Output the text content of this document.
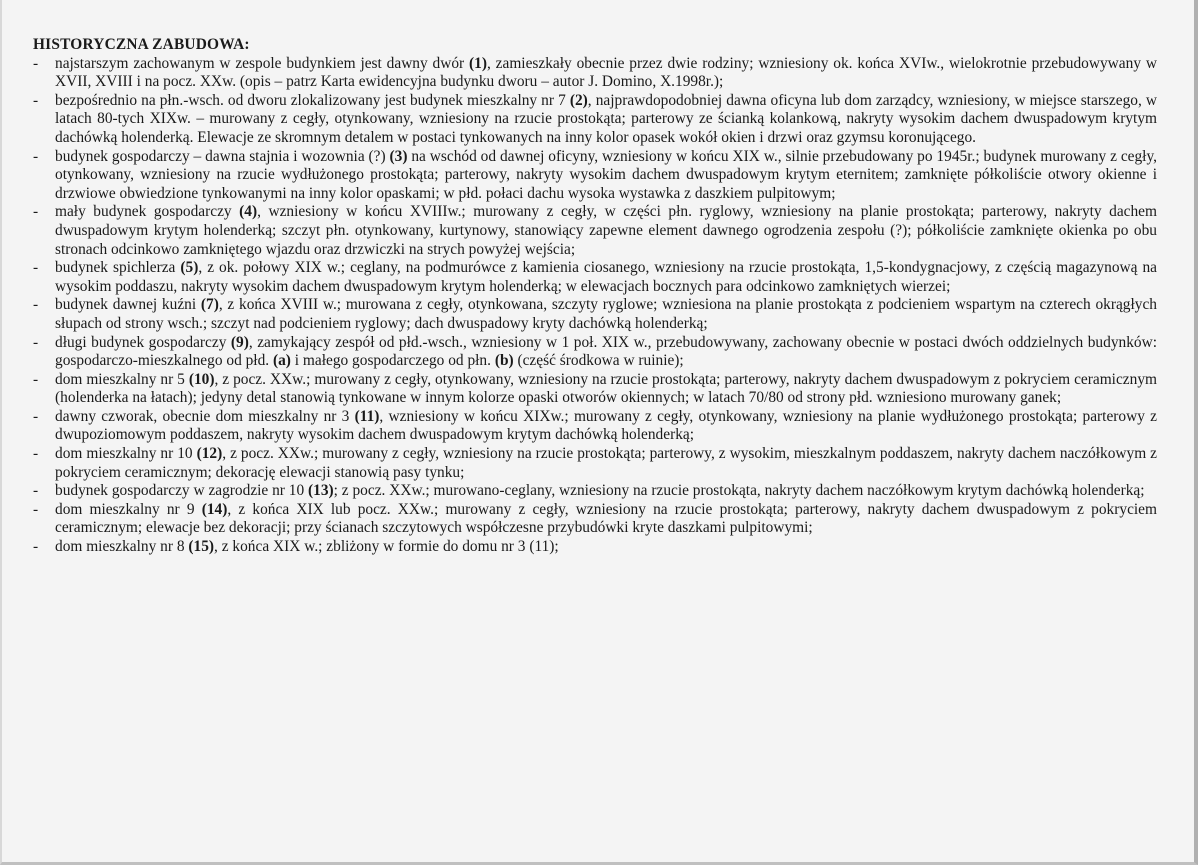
HISTORYCZNA ZABUDOWA:
-	najstarszym zachowanym w zespole budynkiem jest dawny dwór (1), zamieszkały obecnie przez dwie rodziny; wzniesiony ok. końca XVIw., wielokrotnie przebudowywany w XVII, XVIII i na pocz. XXw. (opis – patrz Karta ewidencyjna budynku dworu – autor J. Domino, X.1998r.);
-	bezpośrednio na płn.-wsch. od dworu zlokalizowany jest budynek mieszkalny nr 7 (2), najprawdopodobniej dawna oficyna lub dom zarządcy, wzniesiony, w miejsce starszego, w latach 80-tych XIXw. – murowany z cegły, otynkowany, wzniesiony na rzucie prostokąta; parterowy ze ścianką kolankową, nakryty wysokim dachem dwuspadowym krytym dachówką holenderką. Elewacje ze skromnym detalem w postaci tynkowanych na inny kolor opasek wokół okien i drzwi oraz gzymsu koronującego.
-	budynek gospodarczy – dawna stajnia i wozownia (?) (3) na wschód od dawnej oficyny, wzniesiony w końcu XIX w., silnie przebudowany po 1945r.; budynek murowany z cegły, otynkowany, wzniesiony na rzucie wydłużonego prostokąta; parterowy, nakryty wysokim dachem dwuspadowym krytym eternitem; zamknięte półkoliście otwory okienne i drzwiowe obwiedzione tynkowanymi na inny kolor opaskami; w płd. połaci dachu wysoka wystawka z daszkiem pulpitowym;
-	mały budynek gospodarczy (4), wzniesiony w końcu XVIIIw.; murowany z cegły, w części płn. ryglowy, wzniesiony na planie prostokąta; parterowy, nakryty dachem dwuspadowym krytym holenderką; szczyt płn. otynkowany, kurtynowy, stanowiący zapewne element dawnego ogrodzenia zespołu (?); półkoliście zamknięte okienka po obu stronach odcinkowo zamkniętego wjazdu oraz drzwiczki na strych powyżej wejścia;
-	budynek spichlerza (5), z ok. połowy XIX w.; ceglany, na podmurówce z kamienia ciosanego, wzniesiony na rzucie prostokąta, 1,5-kondygnacjowy, z częścią magazynową na wysokim poddaszu, nakryty wysokim dachem dwuspadowym krytym holenderką; w elewacjach bocznych para odcinkowo zamkniętych wierzei;
-	budynek dawnej kuźni (7), z końca XVIII w.; murowana z cegły, otynkowana, szczyty ryglowe; wzniesiona na planie prostokąta z podcieniem wspartym na czterech okrągłych słupach od strony wsch.; szczyt nad podcieniem ryglowy; dach dwuspadowy kryty dachówką holenderką;
-	długi budynek gospodarczy (9), zamykający zespół od płd.-wsch., wzniesiony w 1 poł. XIX w., przebudowywany, zachowany obecnie w postaci dwóch oddzielnych budynków: gospodarczo-mieszkalnego od płd. (a) i małego gospodarczego od płn. (b) (część środkowa w ruinie);
-	dom mieszkalny nr 5 (10), z pocz. XXw.; murowany z cegły, otynkowany, wzniesiony na rzucie prostokąta; parterowy, nakryty dachem dwuspadowym z pokryciem ceramicznym (holenderka na łatach); jedyny detal stanowią tynkowane w innym kolorze opaski otworów okiennych; w latach 70/80 od strony płd. wzniesiono murowany ganek;
-	dawny czworak, obecnie dom mieszkalny nr 3 (11), wzniesiony w końcu XIXw.; murowany z cegły, otynkowany, wzniesiony na planie wydłużonego prostokąta; parterowy z dwupoziomowym poddaszem, nakryty wysokim dachem dwuspadowym krytym dachówką holenderką;
-	dom mieszkalny nr 10 (12), z pocz. XXw.; murowany z cegły, wzniesiony na rzucie prostokąta; parterowy, z wysokim, mieszkalnym poddaszem, nakryty dachem naczółkowym z pokryciem ceramicznym; dekorację elewacji stanowią pasy tynku;
-	budynek gospodarczy w zagrodzie nr 10 (13); z pocz. XXw.; murowano-ceglany, wzniesiony na rzucie prostokąta, nakryty dachem naczółkowym krytym dachówką holenderką;
-	dom mieszkalny nr 9 (14), z końca XIX lub pocz. XXw.; murowany z cegły, wzniesiony na rzucie prostokąta; parterowy, nakryty dachem dwuspadowym z pokryciem ceramicznym; elewacje bez dekoracji; przy ścianach szczytowych współczesne przybudówki kryte daszkami pulpitowymi;
-	dom mieszkalny nr 8 (15), z końca XIX w.; zbliżony w formie do domu nr 3 (11);
